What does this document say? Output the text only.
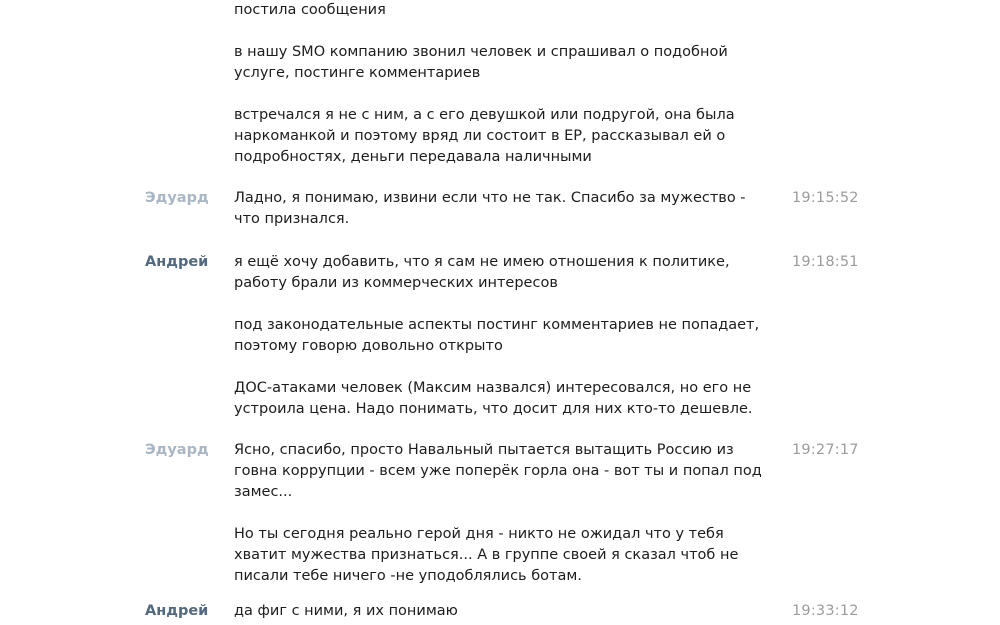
постила сообщения
в нашу SMO компанию звонил человек и спрашивал о подобной
услуге, постинге комментариев
встречался я не с ним, а с его девушкой или подругой, она была
наркоманкой и поэтому вряд ли состоит в ЕР, рассказывал ей о
подробностях, деньги передавала наличными
Эдуард	Ладно, я понимаю, извини если что не так. Спасибо за мужество -
что признался.
19:15:52
Андрей	я ещё хочу добавить, что я сам не имею отношения к политике,
работу брали из коммерческих интересов
под законодательные аспекты постинг комментариев не попадает,
поэтому говорю довольно открыто
ДОС-атаками человек (Максим назвался) интересовался, но его не
устроила цена. Надо понимать, что досит для них кто-то дешевле.
19:18:51
Эдуард	Ясно, спасибо, просто Навальный пытается вытащить Россию из
говна коррупции - всем уже поперёк горла она - вот ты и попал под
замес...
Но ты сегодня реально герой дня - никто не ожидал что у тебя
хватит мужества признаться... А в группе своей я сказал чтоб не
писали тебе ничего -не уподоблялись ботам.
19:27:17
Андрей	да фиг с ними, я их понимаю	19:33:12
